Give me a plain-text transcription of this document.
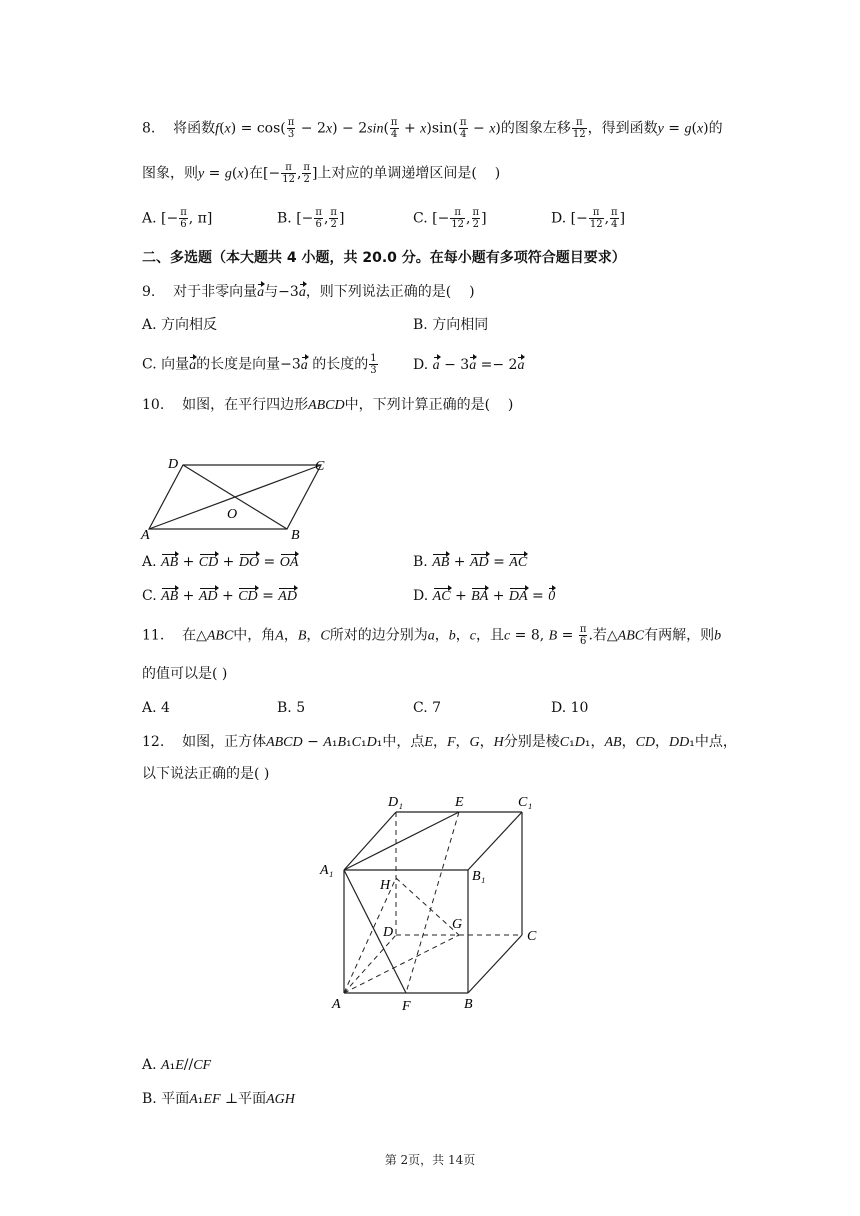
8.    将函数$f(x) = \cos( \frac{\pi}{3} - 2x) - 2\sin( \frac{\pi}{4} + x)\sin( \frac{\pi}{4} - x)$的图象左移 $\frac{\pi}{12}$ ，得到函数y = g(x)的
图象，则y = g(x)在[− $\frac{\pi}{12}$ , $\frac{\pi}{2}$ ]上对应的单调递增区间是(    )
A. [− $\frac{\pi}{6}$ , π]	B. [− $\frac{\pi}{6}$ , $\frac{\pi}{2}$ ]	C. [− $\frac{\pi}{12}$ , $\frac{\pi}{2}$ ]	D. [− $\frac{\pi}{12}$ , $\frac{\pi}{4}$ ]
二、多选题（本大题共 4 小题，共 20.0 分。在每小题有多项符合题目要求）
9.    对于非零向量a与−3a，则下列说法正确的是(    )
A. 方向相反	B. 方向相同
C. 向量a的长度是向量−3a 的长度的 $\frac{1}{3}$	D. a − 3a =− 2a
10.    如图，在平行四边形ABCD中，下列计算正确的是(    )
D	C
O
A	B
A. AB + CD + DO = OA	B. AB + AD = AC
C. AB + AD + CD = AD	D. AC + BA + DA = 0
11.    在△ABC中，角A，B，C所对的边分别为a，b，c，且c = 8, $B = \frac{\pi}{6}$ .若△ABC有两解，则b
的值可以是( )
A. 4	B. 5	C. 7	D. 10
12.    如图，正方体ABCD − A₁B₁C₁D₁中，点E，F，G，H分别是棱C₁D₁，AB，CD，DD₁中点，
以下说法正确的是( )
D₁	E	C₁
A₁	B₁
H
G
D	C
A	F	B
A. A₁E//CF
B. 平面A₁EF ⊥平面AGH
第 2页，共 14页
